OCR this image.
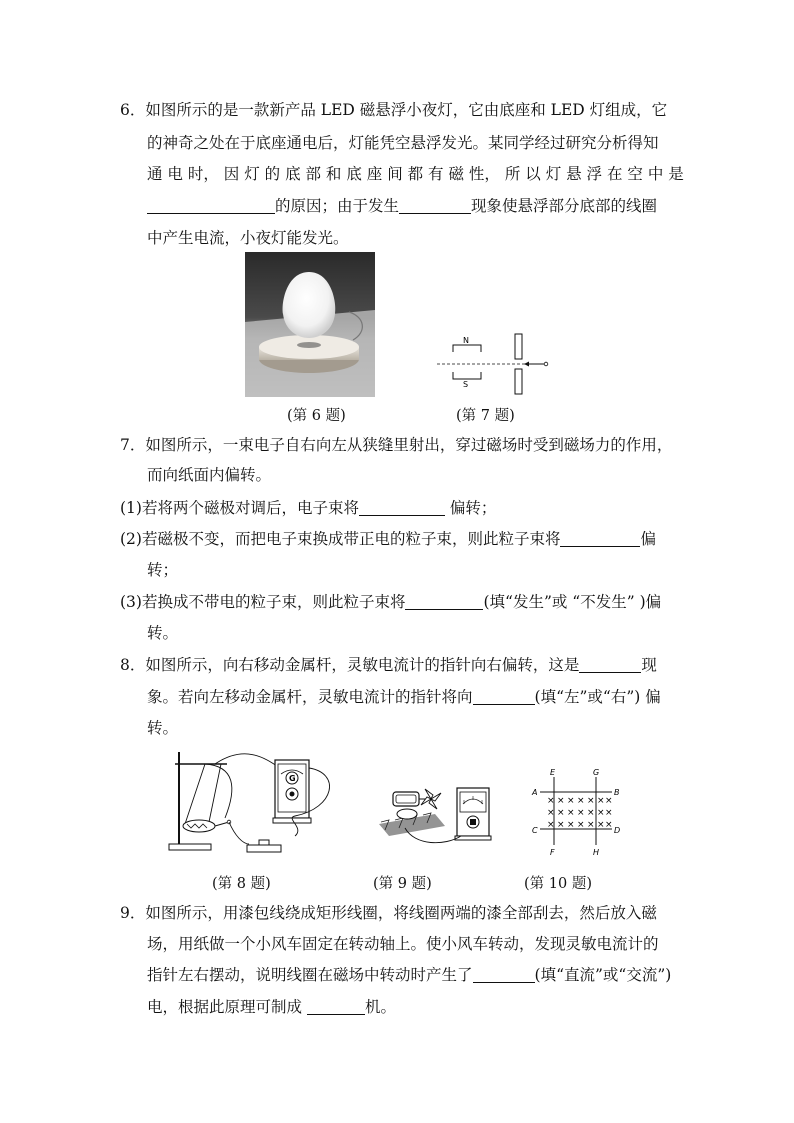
6．如图所示的是一款新产品 LED 磁悬浮小夜灯，它由底座和 LED 灯组成，它
的神奇之处在于底座通电后，灯能凭空悬浮发光。某同学经过研究分析得知
通 电 时， 因 灯 的 底 部 和 底 座 间 都 有 磁 性， 所 以 灯 悬 浮 在 空 中 是
的原因；由于发生	现象使悬浮部分底部的线圈
中产生电流，小夜灯能发光。
N
S
(第 6 题)	(第 7 题)
7．如图所示，一束电子自右向左从狭缝里射出，穿过磁场时受到磁场力的作用，
而向纸面内偏转。
(1)若将两个磁极对调后，电子束将	偏转；
(2)若磁极不变，而把电子束换成带正电的粒子束，则此粒子束将	偏
转；
(3)若换成不带电的粒子束，则此粒子束将	(填“发生”或 “不发生” )偏
转。
8．如图所示，向右移动金属杆，灵敏电流计的指针向右偏转，这是	现
象。若向左移动金属杆，灵敏电流计的指针将向	(填“左”或“右”) 偏
转。
G
E	G
A	B
C	D
F	H
× × × × × × ×
× × × × × × ×
× × × × × × ×
(第 8 题)	(第 9 题)	(第 10 题)
9．如图所示，用漆包线绕成矩形线圈，将线圈两端的漆全部刮去，然后放入磁
场，用纸做一个小风车固定在转动轴上。使小风车转动，发现灵敏电流计的
指针左右摆动，说明线圈在磁场中转动时产生了	(填“直流”或“交流”)
电，根据此原理可制成	机。
